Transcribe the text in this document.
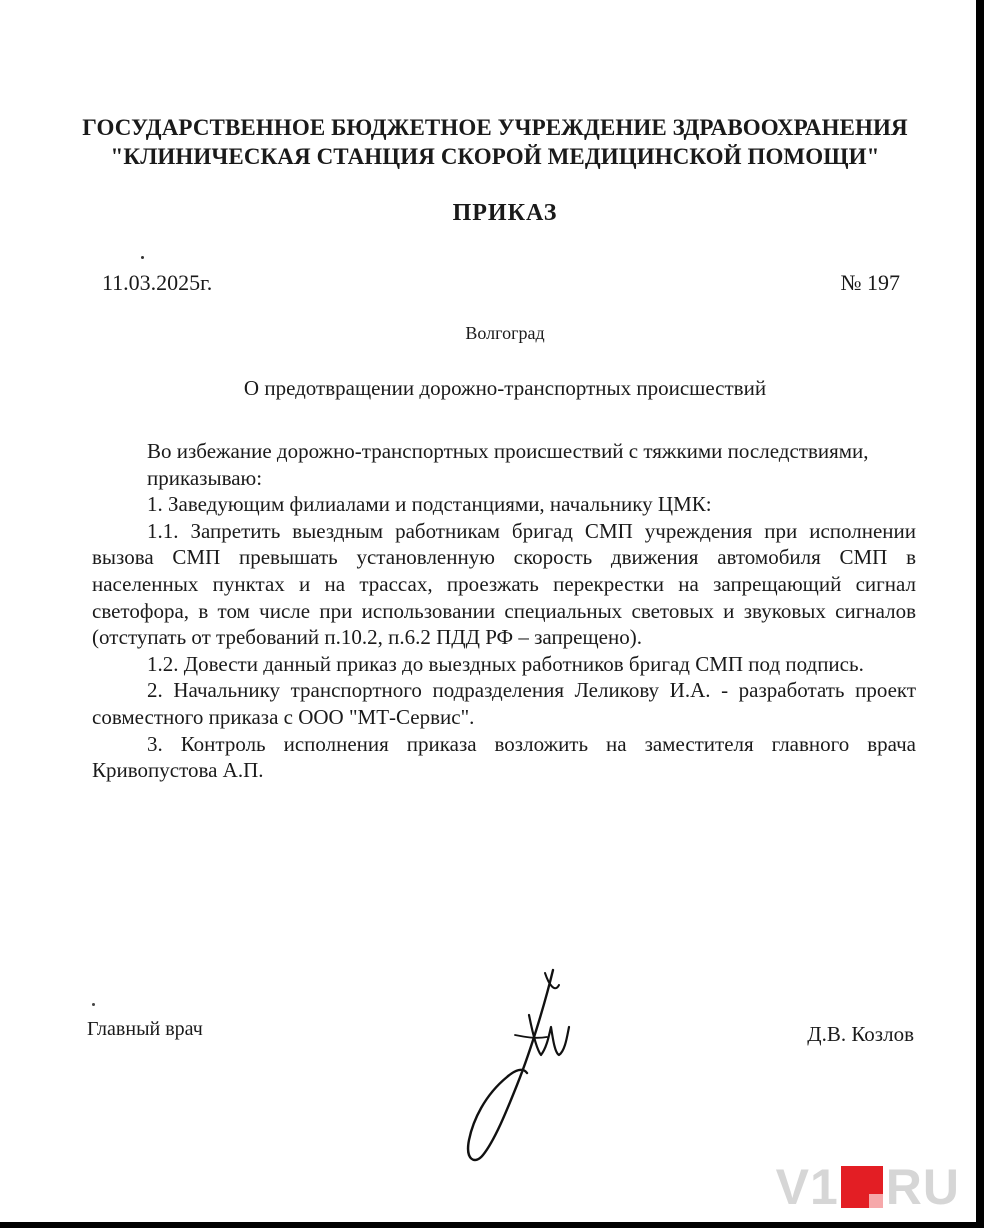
ГОСУДАРСТВЕННОЕ БЮДЖЕТНОЕ УЧРЕЖДЕНИЕ ЗДРАВООХРАНЕНИЯ
"КЛИНИЧЕСКАЯ СТАНЦИЯ СКОРОЙ МЕДИЦИНСКОЙ ПОМОЩИ"
ПРИКАЗ
11.03.2025г.	№ 197
Волгоград
О предотвращении дорожно-транспортных происшествий

Во избежание дорожно-транспортных происшествий с тяжкими последствиями,

приказываю:

1. Заведующим филиалами и подстанциями, начальнику ЦМК:

1.1. Запретить выездным работникам бригад СМП учреждения при исполнении вызова СМП превышать установленную скорость движения автомобиля СМП в населенных пунктах и на трассах, проезжать перекрестки на запрещающий сигнал светофора, в том числе при использовании специальных световых и звуковых сигналов (отступать от требований п.10.2, п.6.2 ПДД РФ – запрещено).

1.2. Довести данный приказ до выездных работников бригад СМП под подпись.

2. Начальнику транспортного подразделения Леликову И.А. - разработать проект совместного приказа с ООО "МТ-Сервис".

3. Контроль исполнения приказа возложить на заместителя главного врача Кривопустова А.П.

Главный врач	Д.В. Козлов
V1 RU
